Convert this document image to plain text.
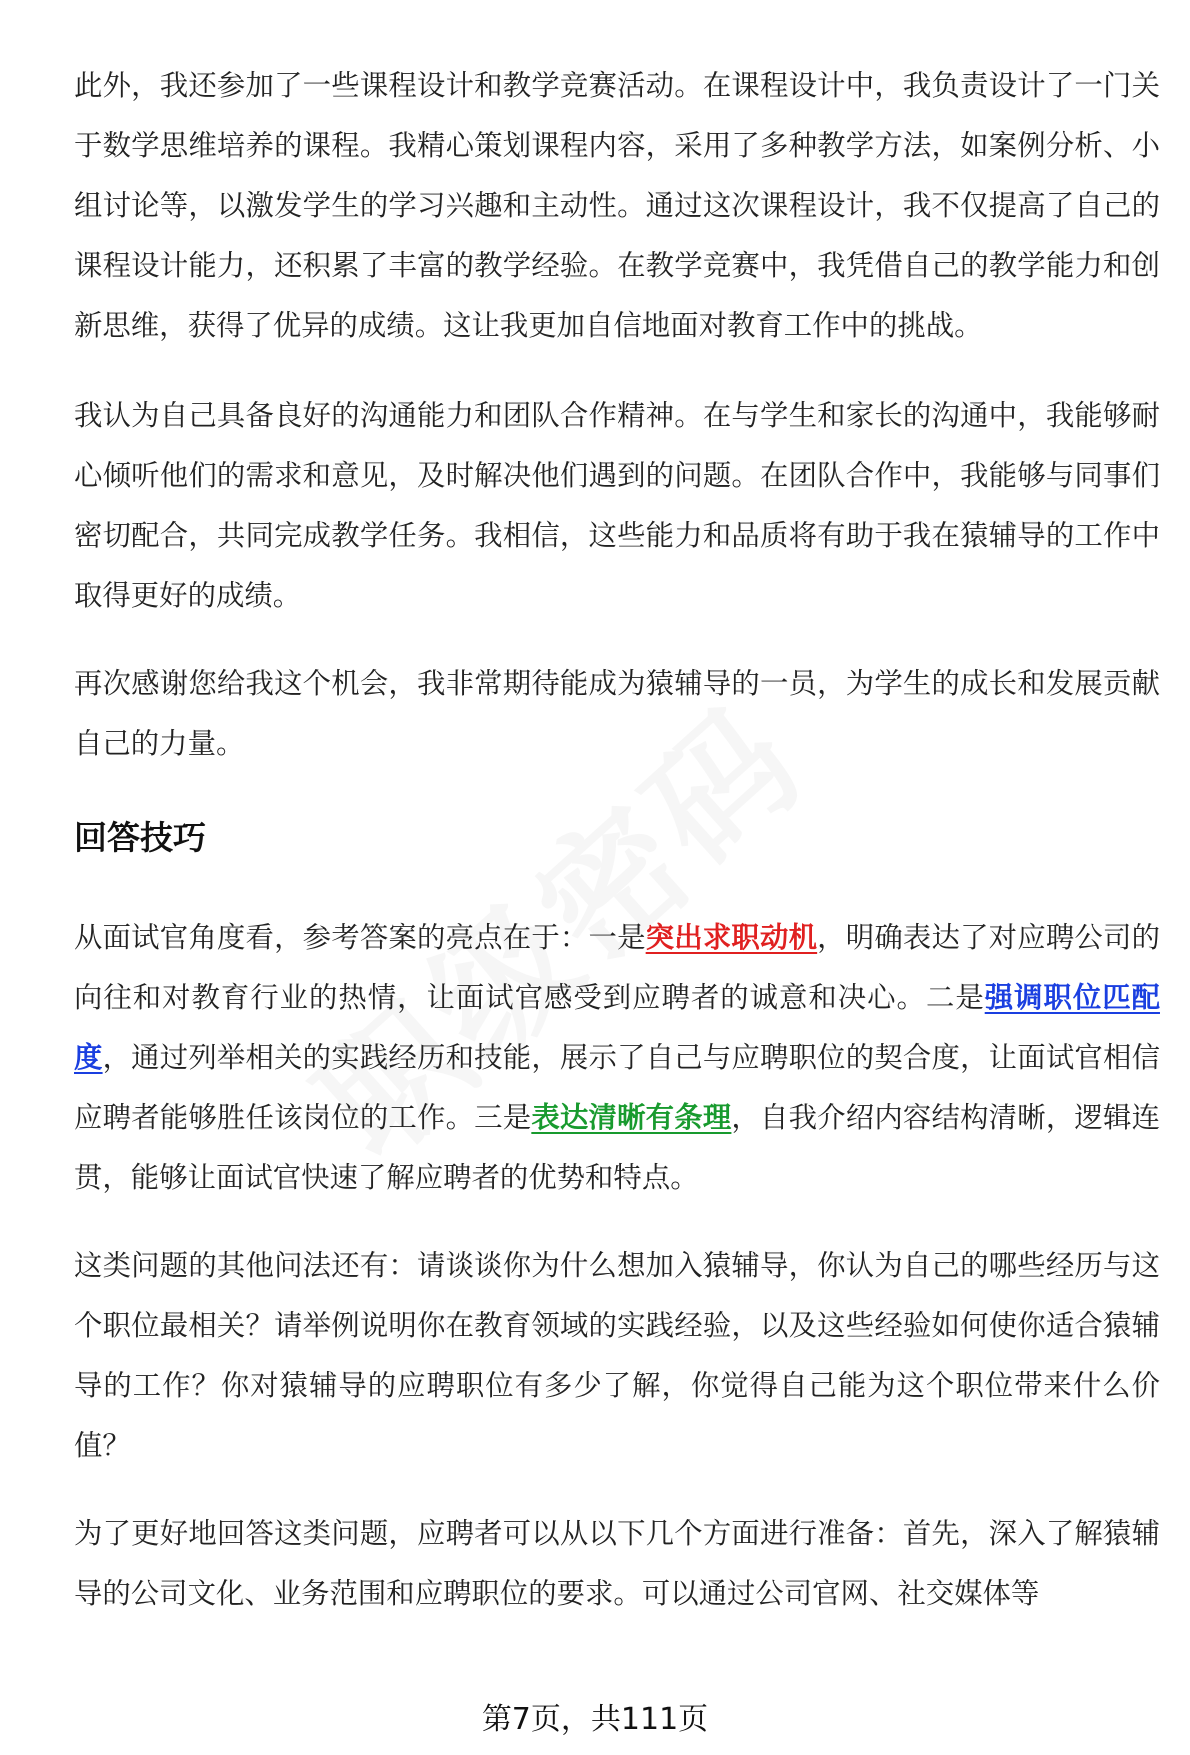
此外，我还参加了一些课程设计和教学竞赛活动。在课程设计中，我负责设计了一门关于数学思维培养的课程。我精心策划课程内容，采用了多种教学方法，如案例分析、小组讨论等，以激发学生的学习兴趣和主动性。通过这次课程设计，我不仅提高了自己的课程设计能力，还积累了丰富的教学经验。在教学竞赛中，我凭借自己的教学能力和创新思维，获得了优异的成绩。这让我更加自信地面对教育工作中的挑战。

我认为自己具备良好的沟通能力和团队合作精神。在与学生和家长的沟通中，我能够耐心倾听他们的需求和意见，及时解决他们遇到的问题。在团队合作中，我能够与同事们密切配合，共同完成教学任务。我相信，这些能力和品质将有助于我在猿辅导的工作中取得更好的成绩。

再次感谢您给我这个机会，我非常期待能成为猿辅导的一员，为学生的成长和发展贡献自己的力量。

回答技巧

从面试官角度看，参考答案的亮点在于：一是突出求职动机，明确表达了对应聘公司的向往和对教育行业的热情，让面试官感受到应聘者的诚意和决心。二是强调职位匹配度，通过列举相关的实践经历和技能，展示了自己与应聘职位的契合度，让面试官相信应聘者能够胜任该岗位的工作。三是表达清晰有条理，自我介绍内容结构清晰，逻辑连贯，能够让面试官快速了解应聘者的优势和特点。

这类问题的其他问法还有：请谈谈你为什么想加入猿辅导，你认为自己的哪些经历与这个职位最相关？请举例说明你在教育领域的实践经验，以及这些经验如何使你适合猿辅导的工作？你对猿辅导的应聘职位有多少了解，你觉得自己能为这个职位带来什么价值？

为了更好地回答这类问题，应聘者可以从以下几个方面进行准备：首先，深入了解猿辅导的公司文化、业务范围和应聘职位的要求。可以通过公司官网、社交媒体等

第7页，共111页
